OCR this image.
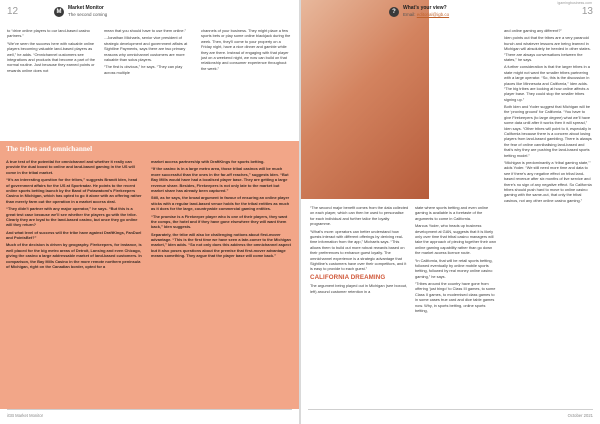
12	M
Market Monitor
The second coming

to “drive online players to our land-based casino partners.”

“We’ve seen the success here with valuable online players becoming valuable land-based players as well,” he adds. “Omnichannel customers see integrations and products that become a part of the normal routine. Just because they earned points or rewards online does not

mean that you should have to use them online.”

...Jonathan Michaels, senior vice president of strategic development and government affairs at Sightline Payments, says there are two primary reasons why omnichannel customers are more valuable than solus players.

“The first is obvious,” he says. “They can play across multiple

channels of your business. They might place a few sports bets or play some online blackjack during the week. Then, they’ll come to your property on a Friday night, have a nice dinner and gamble while they are there. Instead of engaging with that player just on a weekend night, we now can build on that relationship and consumer experience throughout the week.”

The tribes and omnichannel

A true test of the potential for omnichannel and whether it really can provide the dual boost to online and land-based gaming in the US will come in the tribal market.

“It’s an interesting question for the tribes,” suggests Brandt Iden, head of government affairs for the US at Sportradar. He points to the recent online sports betting launch by the Band of Potawatomi’s Firekeepers Casino in Michigan, which has opted to go it alone with an offering rather than merely farm out the operation in a market access deal.

“They didn’t partner with any major operator,” he says. “But this is a great test case because we’ll see whether the players go with the tribe. Clearly they are loyal to the land-based casino, but once they go online will they return?

And what level of success will the tribe have against DraftKings, FanDuel and PointsBet?”

Much of the decision is driven by geography. Firekeepers, for instance, is well placed for the big metro areas of Detroit, Lansing and even Chicago, giving the casino a large addressable market of land-based customers. In comparison, the Bay Mills Casino in the more remote northern peninsula of Michigan, right on the Canadian border, opted for a

market access partnership with DraftKings for sports betting.

“If the casino is in a large metro area, those tribal casinos will be much more successful than the ones in the far-off reaches,” suggests Iden. “But Bay Mills would have had a localised player base. They are getting a large revenue share. Besides, Firekeepers is not only late to the market but market share has already been captured.”

Still, as he says, the broad argument in favour of ensuring an online player sticks with a regular land-based venue holds for the tribal entities as much as it does for the large, countrywide commercial gaming entities.

“The promise is a Firekeeper player who is one of their players, they want the comps, the hotel and if they have gone elsewhere they will want them back,” Iden suggests.

Separately, the tribe will also be challenging notions about first-mover advantage. “This is the first time we have seen a late-comer to the Michigan market,” Iden adds. “So not only does this address the omnichannel aspect but it also poses questions about the premise that first-mover advantage means something. They argue that the player base will come back.”

iGB Market Monitor
igamingbusiness.com
13
?
What’s your view?
Email: editorial@igb.co

“The second major benefit comes from the data collected on each player, which can then be used to personalise for each individual and further tailor the loyalty programme.

“What’s more: operators can better understand how guests interact with different offerings by deriving real-time information from the app,” Michaels says. “This allows them to build out more robust rewards based on their preferences to enhance guest loyalty. The omnichannel experience is a strategic advantage that Sightline’s customers have over their competitors, and it is easy to provide to each guest.”

CALIFORNIA DREAMING

The argument being played out in Michigan (see boxout, left) around customer retention in a

state where sports betting and even online gaming is available is a foretaste of the arguments to come in California.

Marcus Yoder, who heads up business development at GAN, suggests that it is likely only over time that tribal casino managers will take the approach of piecing together their own online gaming capability rather than go down the market access licence route.

“In California, that will be retail sports betting, followed eventually by online mobile sports betting, followed by real money online casino gaming,” he says.

“Tribes around the country have gone from offering ‘just bingo’ to Class III games, to some Class II games, to modernised class games to in some cases true card and dice table games now. Why, in sports betting, online sports betting,

and online gaming any different?”

Iden points out that the tribes are a very paranoid bunch and whatever lessons are being learned in Michigan will absolutely be heeded in other states. “There are always conversations between the states,” he says.

A further consideration is that the larger tribes in a state might not want the smaller tribes partnering with a large operator. “So, this is the discussion in places like Minnesota and California,” Iden adds. “The big tribes are looking at how online affects a player base. They could stop the smaller tribes signing up.”

Both Iden and Yoder suggest that Michigan will be the ‘proving ground’ for California. “You have to give Firekeepers (to large degree) what we’ll have some data until after it works then it will spread,” Iden says. “Other tribes will point to it, especially in California because there is a concern about losing players from land-based gambling. There is always the fear of online cannibalising land-based and that’s why they are pushing the land-based sports betting model.”

“Michigan is predominantly a ‘tribal gaming state,’” adds Yoder. “We still need more time and data to see if there’s any negative effect on tribal land-based revenue after six months of live service and there’s no sign of any negative effect. So California tribes should push hard to move to online casino gaming with the same-out, that only the tribal casinos, not any other online casino gaming.”

October 2021
